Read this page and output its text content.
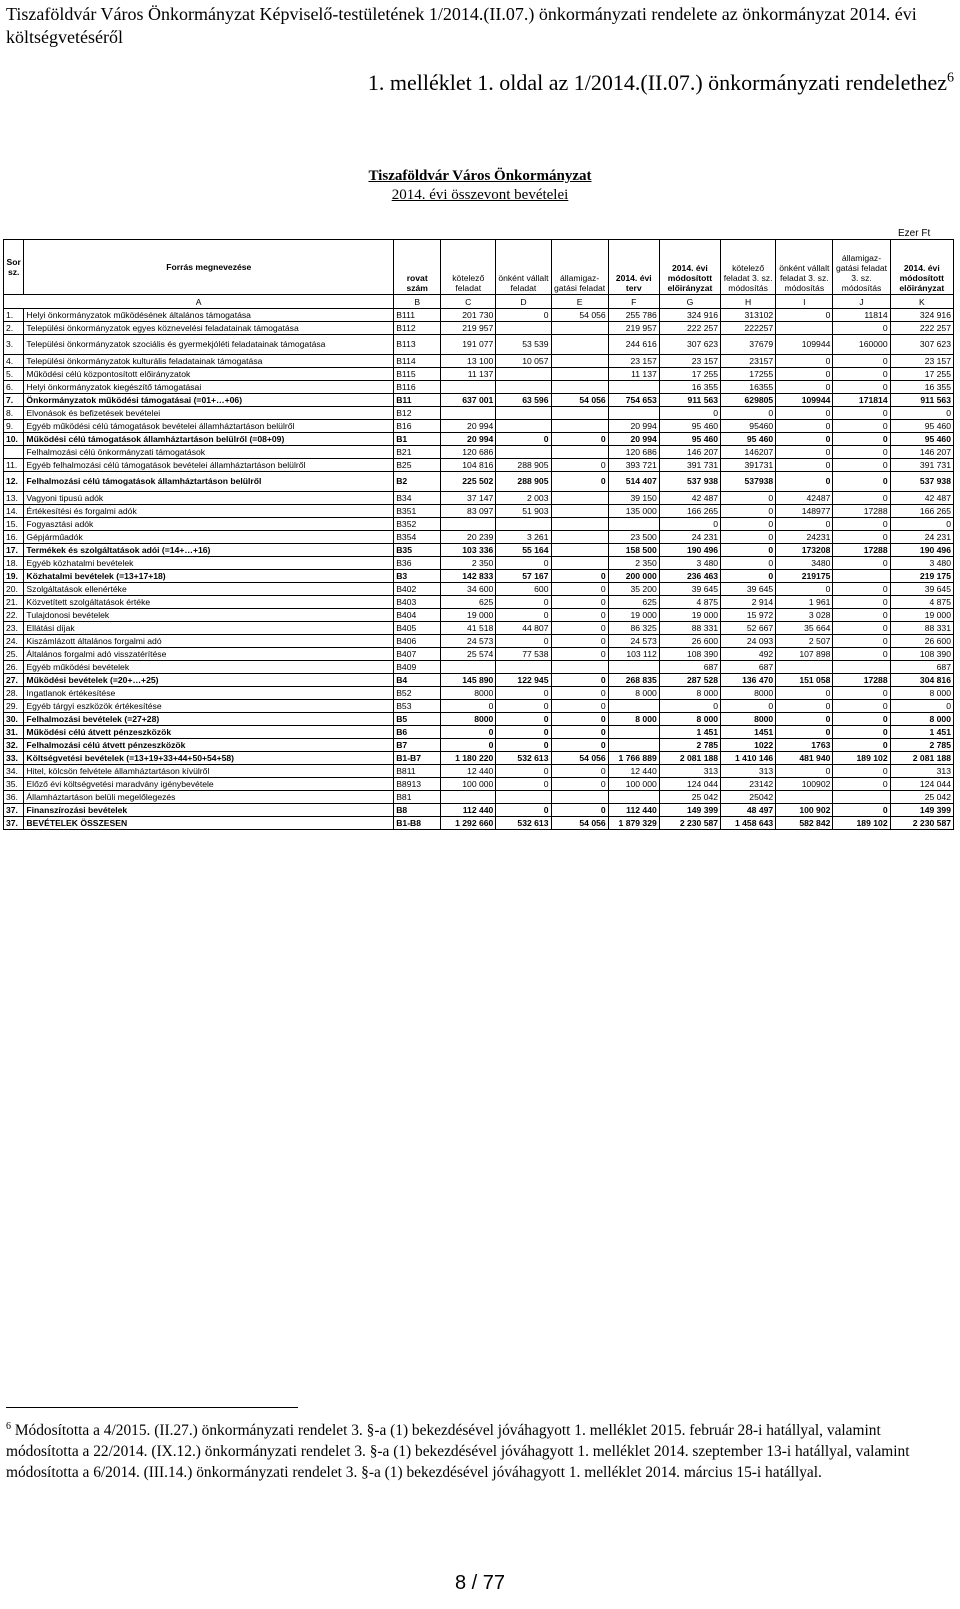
Tiszaföldvár Város Önkormányzat Képviselő-testületének 1/2014.(II.07.) önkormányzati rendelete az önkormányzat 2014. évi költségvetéséről
1. melléklet 1. oldal az 1/2014.(II.07.) önkormányzati rendelethez$^6$
Tiszaföldvár Város Önkormányzat
2014. évi összevont bevételei
Ezer Ft
Sor sz.	Forrás megnevezése	rovat szám	kötelező feladat	önként vállalt feladat	államigaz-gatási feladat	2014. évi terv	2014. évi módosított előirányzat	kötelező feladat 3. sz. módosítás	önként vállalt feladat 3. sz. módosítás	államigaz-gatási feladat 3. sz. módosítás	2014. évi módosított előirányzat
A		B	C	D	E	F	G	H	I	J	K
1.	Helyi önkormányzatok működésének általános támogatása	B111	201 730	0	54 056	255 786	324 916	313102	0	11814	324 916
2.	Települési önkormányzatok egyes köznevelési feladatainak támogatása	B112	219 957			219 957	222 257	222257		0	222 257
3.	Települési önkormányzatok szociális és gyermekjóléti feladatainak támogatása	B113	191 077	53 539		244 616	307 623	37679	109944	160000	307 623
4.	Települési önkormányzatok kulturális feladatainak támogatása	B114	13 100	10 057		23 157	23 157	23157	0	0	23 157
5.	Működési célú központosított előirányzatok	B115	11 137			11 137	17 255	17255	0	0	17 255
6.	Helyi önkormányzatok kiegészítő támogatásai	B116					16 355	16355	0	0	16 355
7.	Önkormányzatok működési támogatásai (=01+…+06)	B11	637 001	63 596	54 056	754 653	911 563	629805	109944	171814	911 563
8.	Elvonások és befizetések bevételei	B12					0	0	0	0	0
9.	Egyéb működési célú támogatások bevételei államháztartáson belülről	B16	20 994			20 994	95 460	95460	0	0	95 460
10.	Működési célú támogatások államháztartáson belülről (=08+09)	B1	20 994	0	0	20 994	95 460	95 460	0	0	95 460
	Felhalmozási célú önkormányzati támogatások	B21	120 686			120 686	146 207	146207	0	0	146 207
11.	Egyéb felhalmozási célú támogatások bevételei államháztartáson belülről	B25	104 816	288 905	0	393 721	391 731	391731	0	0	391 731
12.	Felhalmozási célú támogatások államháztartáson belülről	B2	225 502	288 905	0	514 407	537 938	537938	0	0	537 938
13.	Vagyoni tipusú adók	B34	37 147	2 003		39 150	42 487	0	42487	0	42 487
14.	Értékesítési és forgalmi adók	B351	83 097	51 903		135 000	166 265	0	148977	17288	166 265
15.	Fogyasztási adók	B352					0	0	0	0	0
16.	Gépjárműadók	B354	20 239	3 261		23 500	24 231	0	24231	0	24 231
17.	Termékek és szolgáltatások adói (=14+…+16)	B35	103 336	55 164		158 500	190 496	0	173208	17288	190 496
18.	Egyéb közhatalmi bevételek	B36	2 350	0		2 350	3 480	0	3480	0	3 480
19.	Közhatalmi bevételek (=13+17+18)	B3	142 833	57 167	0	200 000	236 463	0	219175		219 175
20.	Szolgáltatások ellenértéke	B402	34 600	600	0	35 200	39 645	39 645	0	0	39 645
21.	Közvetített szolgáltatások értéke	B403	625	0	0	625	4 875	2 914	1 961	0	4 875
22.	Tulajdonosi bevételek	B404	19 000	0	0	19 000	19 000	15 972	3 028	0	19 000
23.	Ellátási díjak	B405	41 518	44 807	0	86 325	88 331	52 667	35 664	0	88 331
24.	Kiszámlázott általános forgalmi adó	B406	24 573	0	0	24 573	26 600	24 093	2 507	0	26 600
25.	Általános forgalmi adó visszatérítése	B407	25 574	77 538	0	103 112	108 390	492	107 898	0	108 390
26.	Egyéb működési bevételek	B409					687	687			687
27.	Működési bevételek (=20+…+25)	B4	145 890	122 945	0	268 835	287 528	136 470	151 058	17288	304 816
28.	Ingatlanok értékesítése	B52	8000	0	0	8 000	8 000	8000	0	0	8 000
29.	Egyéb tárgyi eszközök értékesítése	B53	0	0	0		0	0	0	0	0
30.	Felhalmozási bevételek (=27+28)	B5	8000	0	0	8 000	8 000	8000	0	0	8 000
31.	Működési célú átvett pénzeszközök	B6	0	0	0		1 451	1451	0	0	1 451
32.	Felhalmozási célú átvett pénzeszközök	B7	0	0	0		2 785	1022	1763	0	2 785
33.	Költségvetési bevételek (=13+19+33+44+50+54+58)	B1-B7	1 180 220	532 613	54 056	1 766 889	2 081 188	1 410 146	481 940	189 102	2 081 188
34.	Hitel, kölcsön felvétele államháztartáson kívülről	B811	12 440	0	0	12 440	313	313	0	0	313
35.	Előző évi költségvetési maradvány igénybevétele	B8913	100 000	0	0	100 000	124 044	23142	100902	0	124 044
36.	Államháztartáson belüli megelőlegezés	B81					25 042	25042			25 042
37.	Finanszírozási bevételek	B8	112 440	0	0	112 440	149 399	48 497	100 902	0	149 399
37.	BEVÉTELEK ÖSSZESEN	B1-B8	1 292 660	532 613	54 056	1 879 329	2 230 587	1 458 643	582 842	189 102	2 230 587
$^6$ Módosította a 4/2015. (II.27.) önkormányzati rendelet 3. §-a (1) bekezdésével jóváhagyott 1. melléklet 2015. február 28-i hatállyal, valamint módosította a 22/2014. (IX.12.) önkormányzati rendelet 3. §-a (1) bekezdésével jóváhagyott 1. melléklet 2014. szeptember 13-i hatállyal, valamint módosította a 6/2014. (III.14.) önkormányzati rendelet 3. §-a (1) bekezdésével jóváhagyott 1. melléklet 2014. március 15-i hatállyal.
8 / 77
